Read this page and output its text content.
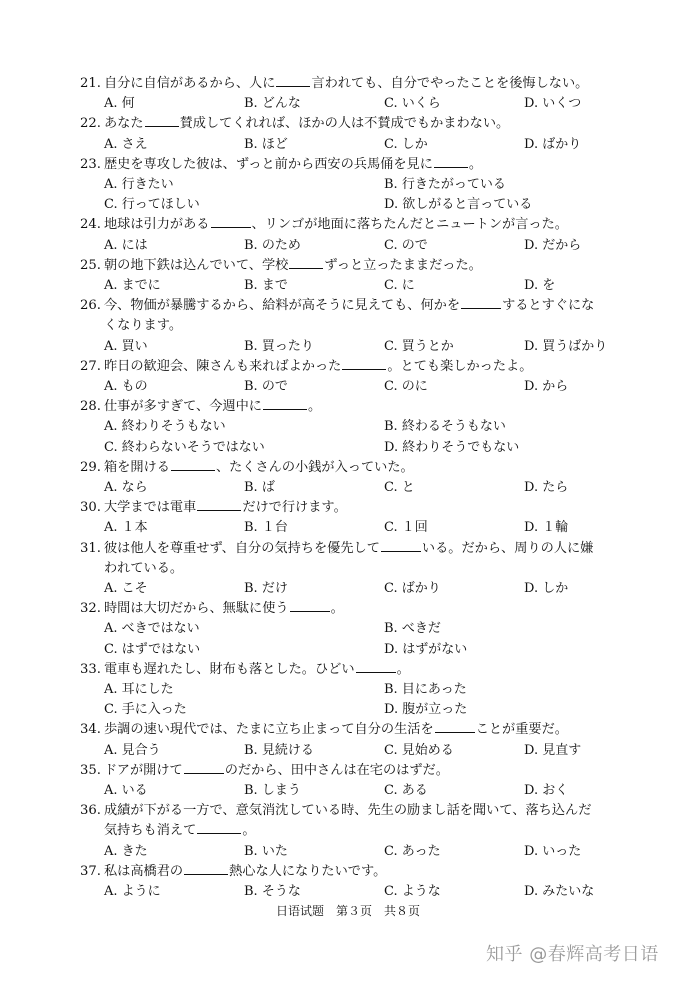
21. 自分に自信があるから、人に	言われても、自分でやったことを後悔しない。
A. 何	B. どんな	C. いくら	D. いくつ
22. あなた	賛成してくれれば、ほかの人は不賛成でもかまわない。
A. さえ	B. ほど	C. しか	D. ばかり
23. 歴史を専攻した彼は、ずっと前から西安の兵馬俑を見に	。
A. 行きたい	B. 行きたがっている
C. 行ってほしい	D. 欲しがると言っている
24. 地球は引力がある	、リンゴが地面に落ちたんだとニュートンが言った。
A. には	B. のため	C. ので	D. だから
25. 朝の地下鉄は込んでいて、学校	ずっと立ったままだった。
A. までに	B. まで	C. に	D. を
26. 今、物価が暴騰するから、給料が高そうに見えても、何かを	するとすぐにな
くなります。
A. 買い	B. 買ったり	C. 買うとか	D. 買うばかり
27. 昨日の歓迎会、陳さんも来ればよかった	。とても楽しかったよ。
A. もの	B. ので	C. のに	D. から
28. 仕事が多すぎて、今週中に	。
A. 終わりそうもない	B. 終わるそうもない
C. 終わらないそうではない	D. 終わりそうでもない
29. 箱を開ける	、たくさんの小銭が入っていた。
A. なら	B. ば	C. と	D. たら
30. 大学までは電車	だけで行けます。
A. １本	B. １台	C. １回	D. １輪
31. 彼は他人を尊重せず、自分の気持ちを優先して	いる。だから、周りの人に嫌
われている。
A. こそ	B. だけ	C. ばかり	D. しか
32. 時間は大切だから、無駄に使う	。
A. べきではない	B. べきだ
C. はずではない	D. はずがない
33. 電車も遅れたし、財布も落とした。ひどい	。
A. 耳にした	B. 目にあった
C. 手に入った	D. 腹が立った
34. 歩調の速い現代では、たまに立ち止まって自分の生活を	ことが重要だ。
A. 見合う	B. 見続ける	C. 見始める	D. 見直す
35. ドアが開けて	のだから、田中さんは在宅のはずだ。
A. いる	B. しまう	C. ある	D. おく
36. 成績が下がる一方で、意気消沈している時、先生の励まし話を聞いて、落ち込んだ
気持ちも消えて	。
A. きた	B. いた	C. あった	D. いった
37. 私は高橋君の	熱心な人になりたいです。
A. ように	B. そうな	C. ような	D. みたいな
日语试题　第３页　共８页
知乎 @春辉高考日语
